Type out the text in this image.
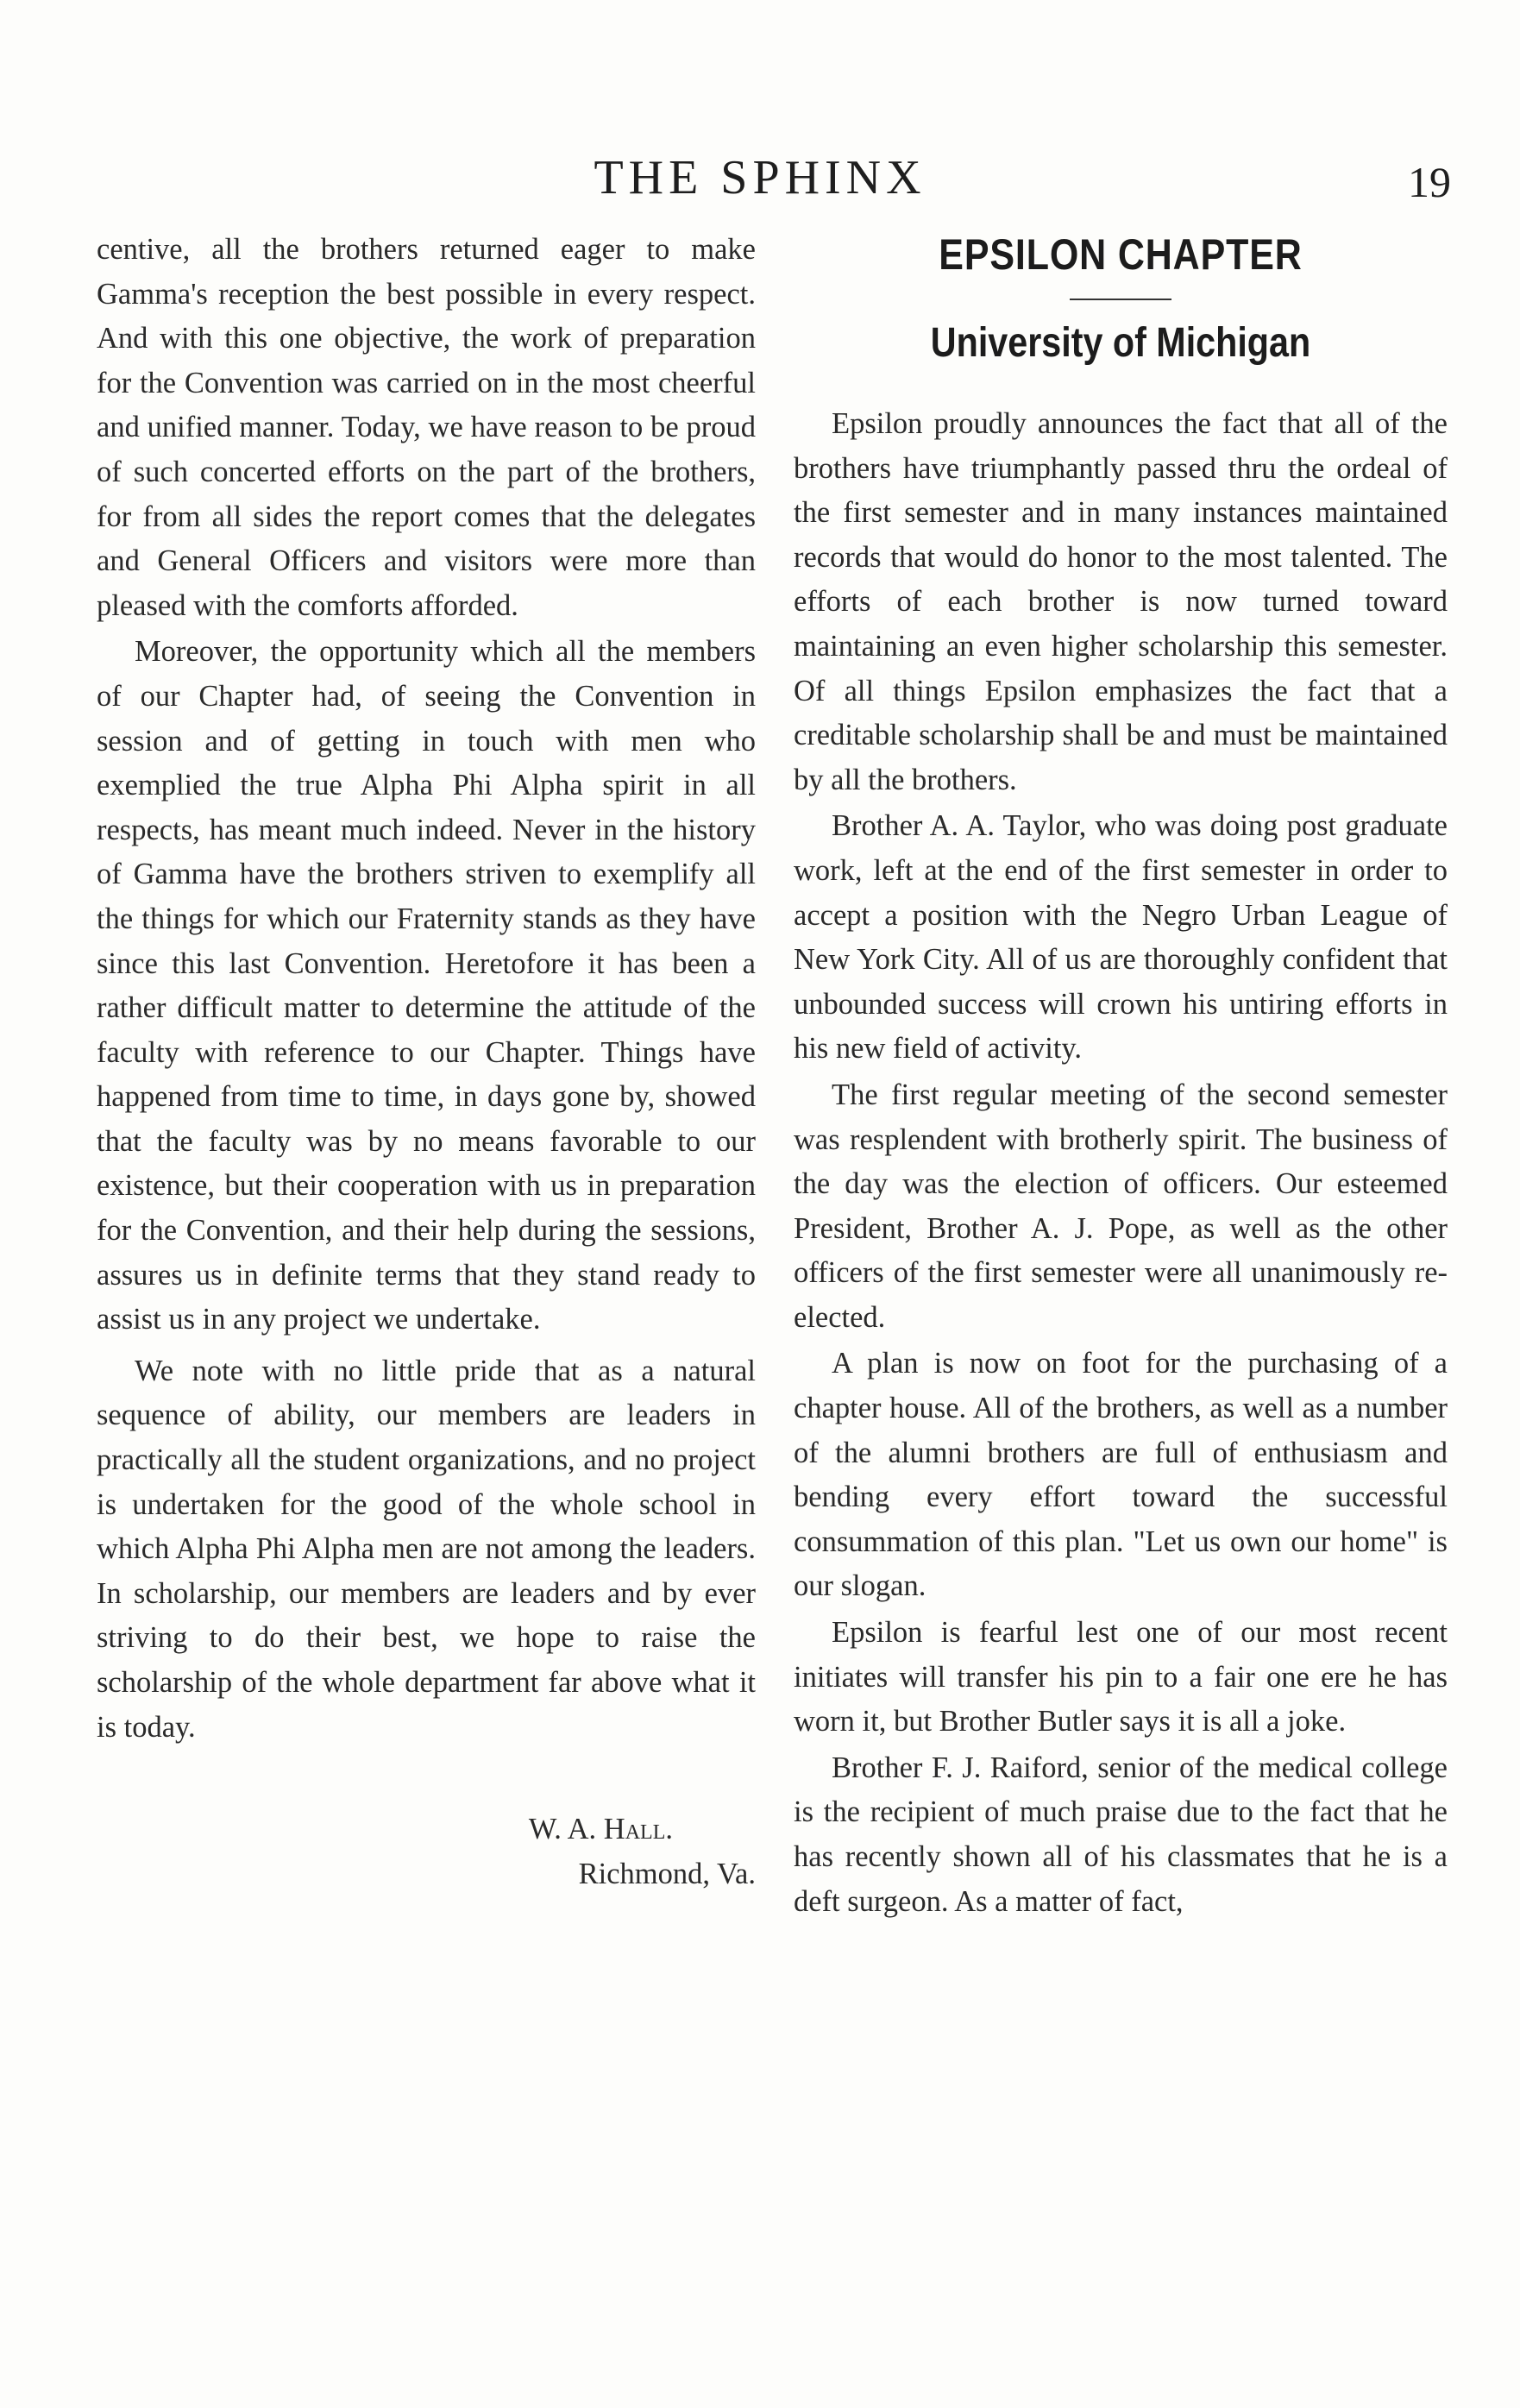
THE SPHINX	19

centive, all the brothers returned eager to make Gamma's reception the best possible in every respect. And with this one objective, the work of preparation for the Convention was carried on in the most cheerful and unified manner. Today, we have reason to be proud of such concerted efforts on the part of the brothers, for from all sides the report comes that the delegates and General Officers and visitors were more than pleased with the comforts afforded.

Moreover, the opportunity which all the members of our Chapter had, of seeing the Convention in session and of getting in touch with men who exemplied the true Alpha Phi Alpha spirit in all respects, has meant much indeed. Never in the history of Gamma have the brothers striven to exemplify all the things for which our Fraternity stands as they have since this last Convention. Heretofore it has been a rather difficult matter to determine the attitude of the faculty with reference to our Chapter. Things have happened from time to time, in days gone by, showed that the faculty was by no means favorable to our existence, but their cooperation with us in preparation for the Convention, and their help during the sessions, assures us in definite terms that they stand ready to assist us in any project we undertake.

We note with no little pride that as a natural sequence of ability, our members are leaders in practically all the student organizations, and no project is undertaken for the good of the whole school in which Alpha Phi Alpha men are not among the leaders. In scholarship, our members are leaders and by ever striving to do their best, we hope to raise the scholarship of the whole department far above what it is today.

W. A. Hall.
Richmond, Va.
EPSILON CHAPTER
University of Michigan

Epsilon proudly announces the fact that all of the brothers have triumphantly passed thru the ordeal of the first semester and in many instances maintained records that would do honor to the most talented. The efforts of each brother is now turned toward maintaining an even higher scholarship this semester. Of all things Epsilon emphasizes the fact that a creditable scholarship shall be and must be maintained by all the brothers.

Brother A. A. Taylor, who was doing post graduate work, left at the end of the first semester in order to accept a position with the Negro Urban League of New York City. All of us are thoroughly confident that unbounded success will crown his untiring efforts in his new field of activity.

The first regular meeting of the second semester was resplendent with brotherly spirit. The business of the day was the election of officers. Our esteemed President, Brother A. J. Pope, as well as the other officers of the first semester were all unanimously re-elected.

A plan is now on foot for the purchasing of a chapter house. All of the brothers, as well as a number of the alumni brothers are full of enthusiasm and bending every effort toward the successful consummation of this plan. "Let us own our home" is our slogan.

Epsilon is fearful lest one of our most recent initiates will transfer his pin to a fair one ere he has worn it, but Brother Butler says it is all a joke.

Brother F. J. Raiford, senior of the medical college is the recipient of much praise due to the fact that he has recently shown all of his classmates that he is a deft surgeon. As a matter of fact,
